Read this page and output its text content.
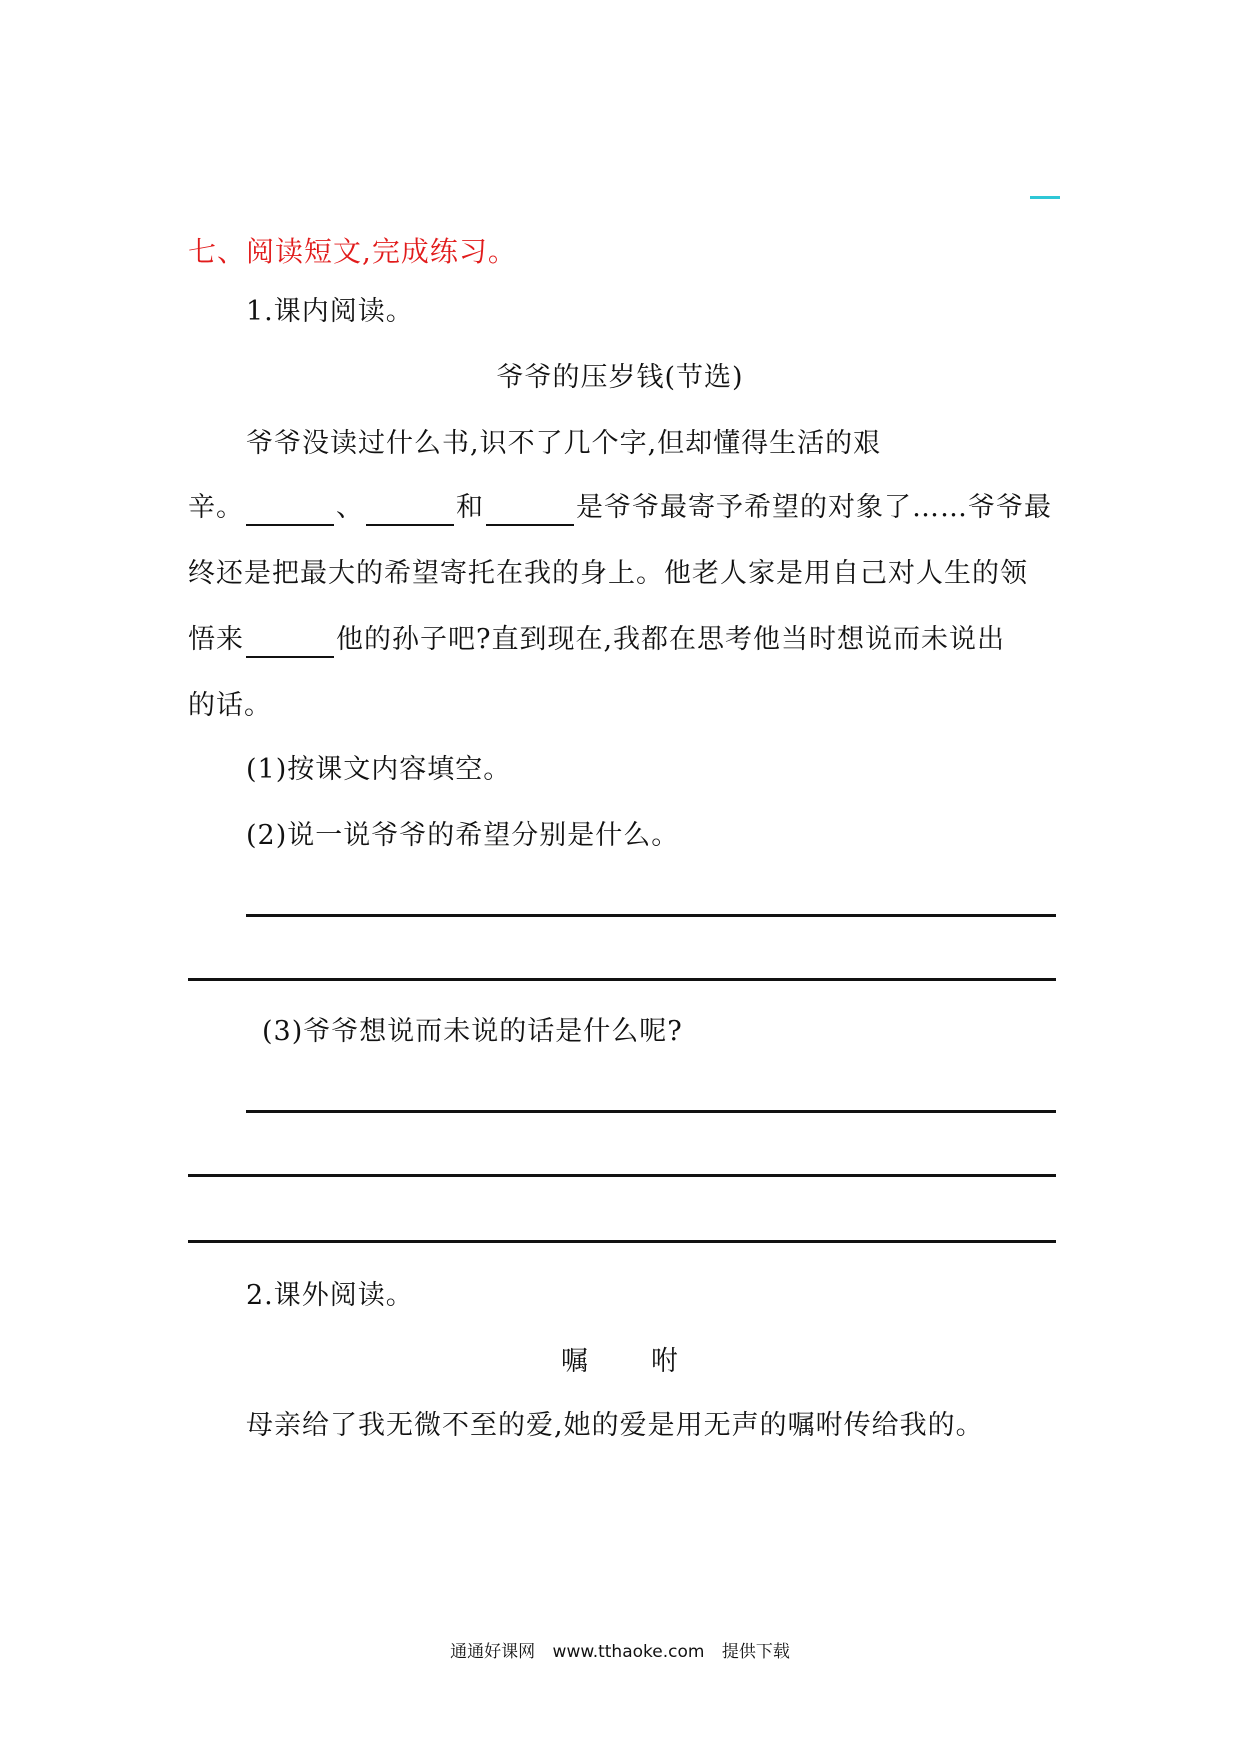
七、阅读短文,完成练习。
1.课内阅读。
爷爷的压岁钱(节选)
爷爷没读过什么书,识不了几个字,但却懂得生活的艰
辛。	、	和	是爷爷最寄予希望的对象了……爷爷最
终还是把最大的希望寄托在我的身上。他老人家是用自己对人生的领
悟来	他的孙子吧?直到现在,我都在思考他当时想说而未说出
的话。
(1)按课文内容填空。
(2)说一说爷爷的希望分别是什么。
(3)爷爷想说而未说的话是什么呢?
2.课外阅读。
嘱 咐
母亲给了我无微不至的爱,她的爱是用无声的嘱咐传给我的。
通通好课网 www.tthaoke.com 提供下载
